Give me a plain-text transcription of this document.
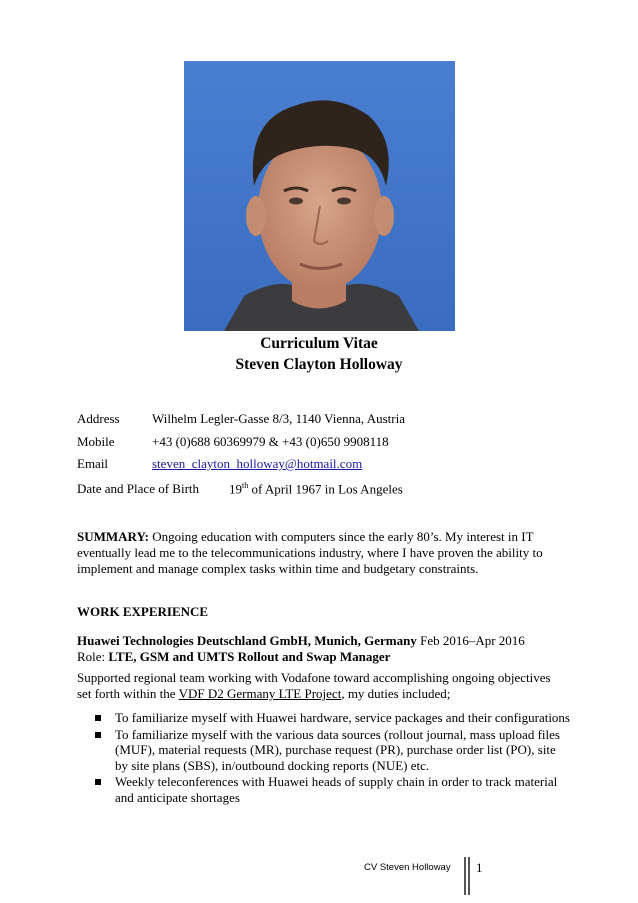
Curriculum Vitae
Steven Clayton Holloway
Address Wilhelm Legler-Gasse 8/3, 1140 Vienna, Austria
Mobile	+43 (0)688 60369979 & +43 (0)650 9908118
Email	steven_clayton_holloway@hotmail.com
Date and Place of Birth 19th of April 1967 in Los Angeles
SUMMARY: Ongoing education with computers since the early 80’s. My interest in IT eventually lead me to the telecommunications industry, where I have proven the ability to implement and manage complex tasks within time and budgetary constraints.
WORK EXPERIENCE
Huawei Technologies Deutschland GmbH, Munich, Germany Feb 2016–Apr 2016
Role: LTE, GSM and UMTS Rollout and Swap Manager
Supported regional team working with Vodafone toward accomplishing ongoing objectives set forth within the VDF D2 Germany LTE Project, my duties included;
To familiarize myself with Huawei hardware, service packages and their configurations
To familiarize myself with the various data sources (rollout journal, mass upload files (MUF), material requests (MR), purchase request (PR), purchase order list (PO), site by site plans (SBS), in/outbound docking reports (NUE) etc.
Weekly teleconferences with Huawei heads of supply chain in order to track material and anticipate shortages
CV Steven Holloway 1
